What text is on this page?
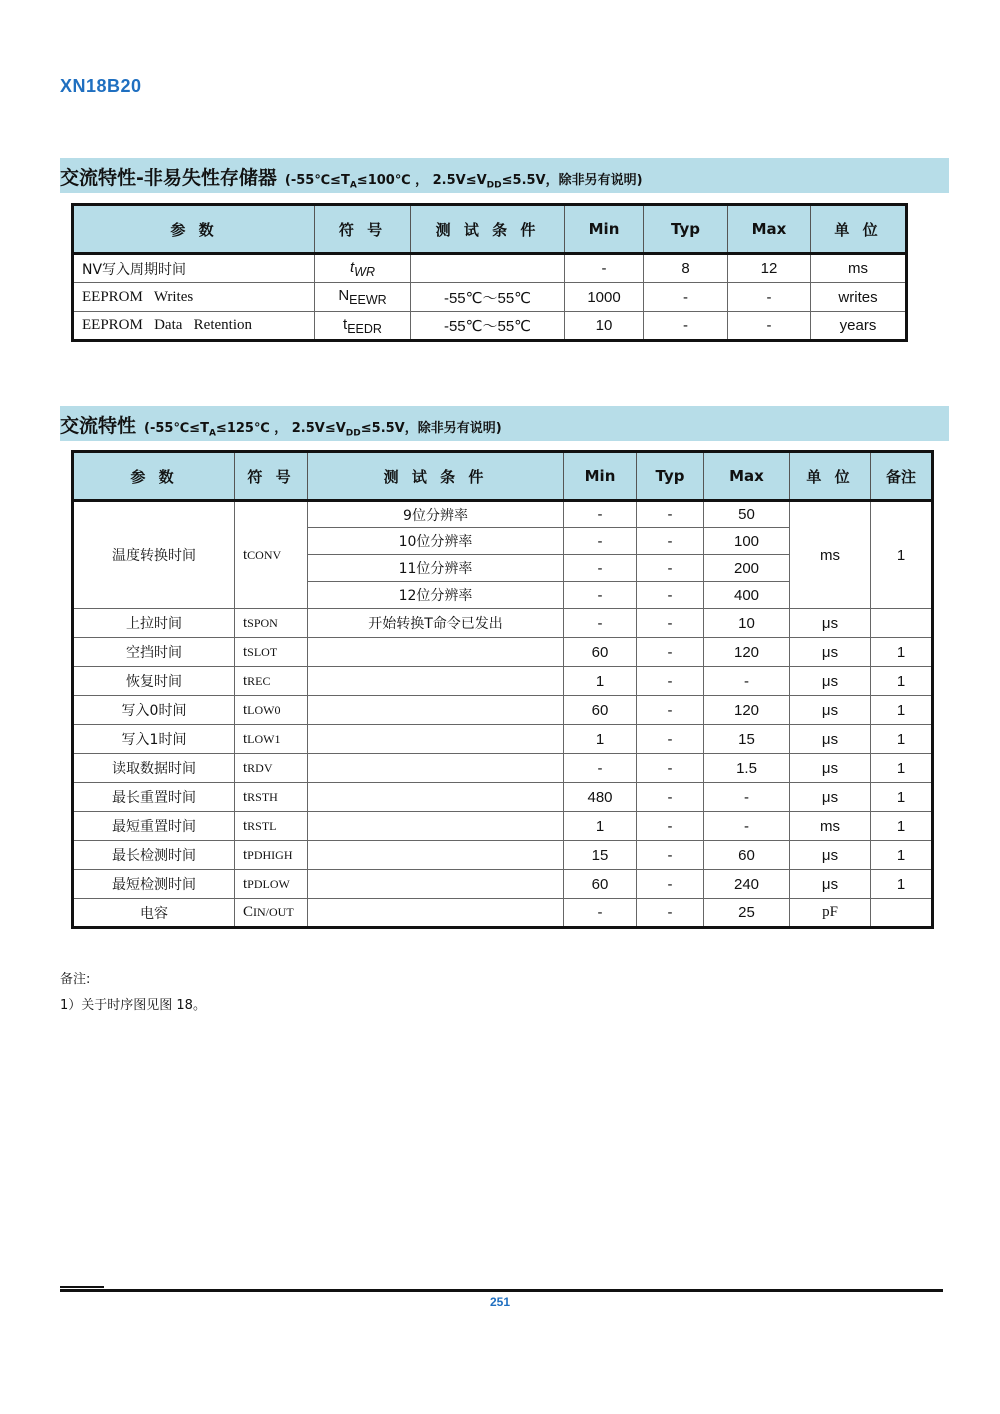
XN18B20
交流特性-非易失性存储器 ($-55℃\le T_A\le 100℃$ ， $2.5V\le V_{DD}\le 5.5V$，除非另有说明)
参 数	符 号	测 试 条 件	Min	Typ	Max	单 位
NV写入周期时间	$t_{WR}$		-	8	12	ms
EEPROM   Writes	$N_{EEWR}$	-55℃～55℃	1000	-	-	writes
EEPROM   Data   Retention	$t_{EEDR}$	-55℃～55℃	10	-	-	years
交流特性 ($-55℃\le T_A\le 125℃$ ， $2.5V\le V_{DD}\le 5.5V$，除非另有说明)
参 数	符 号	测 试 条 件	Min	Typ	Max	单 位	备注
温度转换时间	tCONV	9位分辨率	-	-	50	ms	1
		10位分辨率	-	-	100		
		11位分辨率	-	-	200		
		12位分辨率	-	-	400		
上拉时间	tSPON	开始转换T命令已发出	-	-	10	μs	
空挡时间	tSLOT		60	-	120	μs	1
恢复时间	tREC		1	-	-	μs	1
写入0时间	tLOW0		60	-	120	μs	1
写入1时间	tLOW1		1	-	15	μs	1
读取数据时间	tRDV		-	-	1.5	μs	1
最长重置时间	tRSTH		480	-	-	μs	1
最短重置时间	tRSTL		1	-	-	ms	1
最长检测时间	tPDHIGH		15	-	60	μs	1
最短检测时间	tPDLOW		60	-	240	μs	1
电容	CIN/OUT		-	-	25	pF	
备注:
1）关于时序图见图 18。
251
